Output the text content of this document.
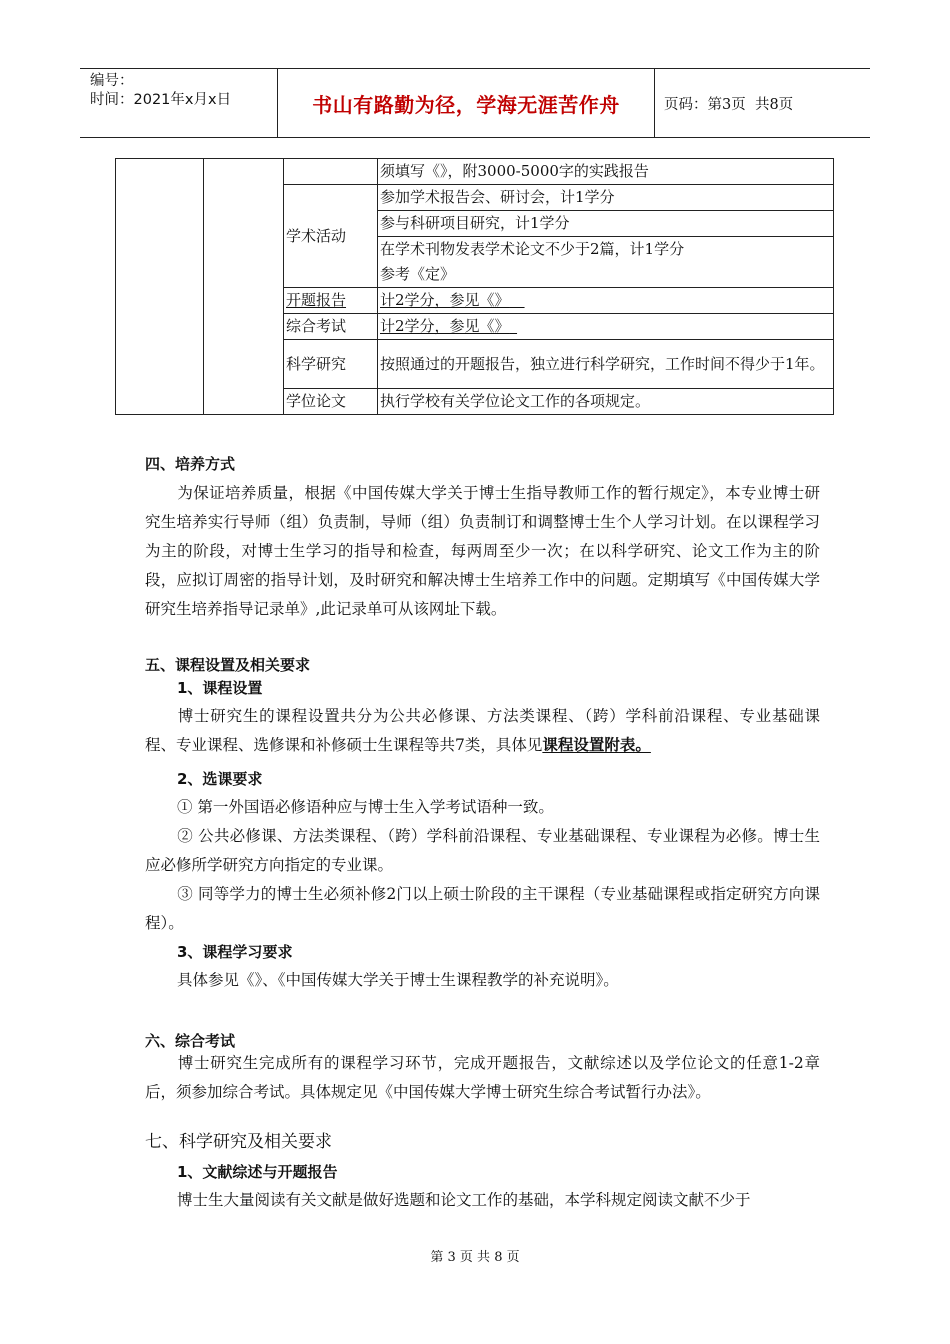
编号：
时间：2021年x月x日	书山有路勤为径，学海无涯苦作舟	页码：第3页  共8页
			须填写《》，附3000-5000字的实践报告
		学术活动	参加学术报告会、研讨会，计1学分
			参与科研项目研究，计1学分
			在学术刊物发表学术论文不少于2篇，计1学分
			参考《定》
		开题报告	计2学分，参见《》 
		综合考试	计2学分，参见《》 
		科学研究	按照通过的开题报告，独立进行科学研究，工作时间不得少于1年。
		学位论文	执行学校有关学位论文工作的各项规定。
四、培养方式
为保证培养质量，根据《中国传媒大学关于博士生指导教师工作的暂行规定》，本专业博士研究生培养实行导师（组）负责制，导师（组）负责制订和调整博士生个人学习计划。在以课程学习为主的阶段，对博士生学习的指导和检查，每两周至少一次；在以科学研究、论文工作为主的阶段，应拟订周密的指导计划，及时研究和解决博士生培养工作中的问题。定期填写《中国传媒大学研究生培养指导记录单》,此记录单可从该网址下载。
五、课程设置及相关要求
1、课程设置
博士研究生的课程设置共分为公共必修课、方法类课程、（跨）学科前沿课程、专业基础课程、专业课程、选修课和补修硕士生课程等共7类，具体见课程设置附表。
2、选课要求
① 第一外国语必修语种应与博士生入学考试语种一致。
② 公共必修课、方法类课程、（跨）学科前沿课程、专业基础课程、专业课程为必修。博士生应必修所学研究方向指定的专业课。
③ 同等学力的博士生必须补修2门以上硕士阶段的主干课程（专业基础课程或指定研究方向课程）。
3、课程学习要求
具体参见《》、《中国传媒大学关于博士生课程教学的补充说明》。
六、综合考试
博士研究生完成所有的课程学习环节，完成开题报告，文献综述以及学位论文的任意1-2章后，须参加综合考试。具体规定见《中国传媒大学博士研究生综合考试暂行办法》。
七、科学研究及相关要求
1、文献综述与开题报告
博士生大量阅读有关文献是做好选题和论文工作的基础，本学科规定阅读文献不少于
第 3 页 共 8 页
